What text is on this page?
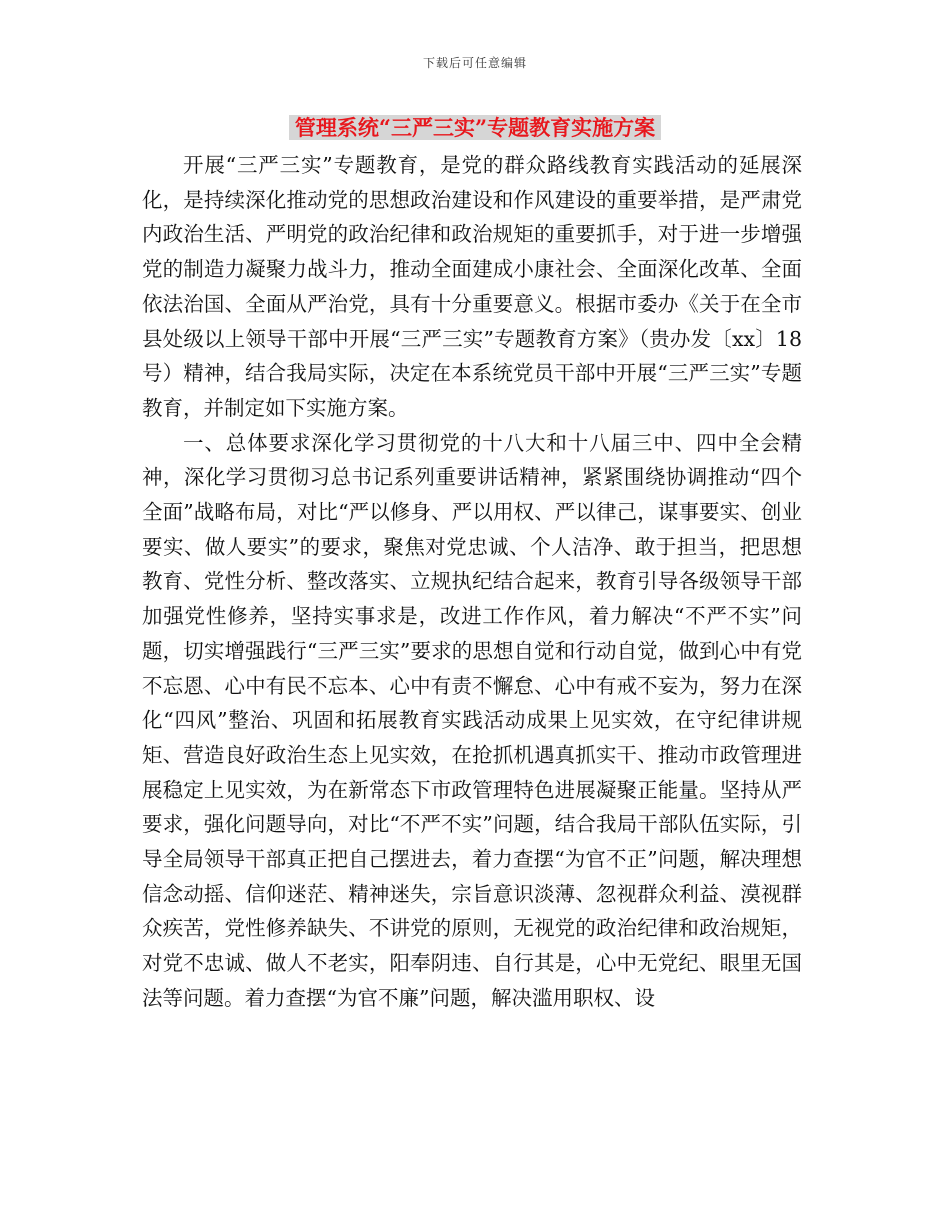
下载后可任意编辑
管理系统“三严三实”专题教育实施方案

开展“三严三实”专题教育，是党的群众路线教育实践活动的延展深化，是持续深化推动党的思想政治建设和作风建设的重要举措，是严肃党内政治生活、严明党的政治纪律和政治规矩的重要抓手，对于进一步增强党的制造力凝聚力战斗力，推动全面建成小康社会、全面深化改革、全面依法治国、全面从严治党，具有十分重要意义。根据市委办《关于在全市县处级以上领导干部中开展“三严三实”专题教育方案》（贵办发〔xx〕18号）精神，结合我局实际，决定在本系统党员干部中开展“三严三实”专题教育，并制定如下实施方案。

一、总体要求深化学习贯彻党的十八大和十八届三中、四中全会精神，深化学习贯彻习总书记系列重要讲话精神，紧紧围绕协调推动“四个全面”战略布局，对比“严以修身、严以用权、严以律己，谋事要实、创业要实、做人要实”的要求，聚焦对党忠诚、个人洁净、敢于担当，把思想教育、党性分析、整改落实、立规执纪结合起来，教育引导各级领导干部加强党性修养，坚持实事求是，改进工作作风，着力解决“不严不实”问题，切实增强践行“三严三实”要求的思想自觉和行动自觉，做到心中有党不忘恩、心中有民不忘本、心中有责不懈怠、心中有戒不妄为，努力在深化“四风”整治、巩固和拓展教育实践活动成果上见实效，在守纪律讲规矩、营造良好政治生态上见实效，在抢抓机遇真抓实干、推动市政管理进展稳定上见实效，为在新常态下市政管理特色进展凝聚正能量。坚持从严要求，强化问题导向，对比“不严不实”问题，结合我局干部队伍实际，引导全局领导干部真正把自己摆进去，着力查摆“为官不正”问题，解决理想信念动摇、信仰迷茫、精神迷失，宗旨意识淡薄、忽视群众利益、漠视群众疾苦，党性修养缺失、不讲党的原则，无视党的政治纪律和政治规矩，对党不忠诚、做人不老实，阳奉阴违、自行其是，心中无党纪、眼里无国法等问题。着力查摆“为官不廉”问题，解决滥用职权、设
